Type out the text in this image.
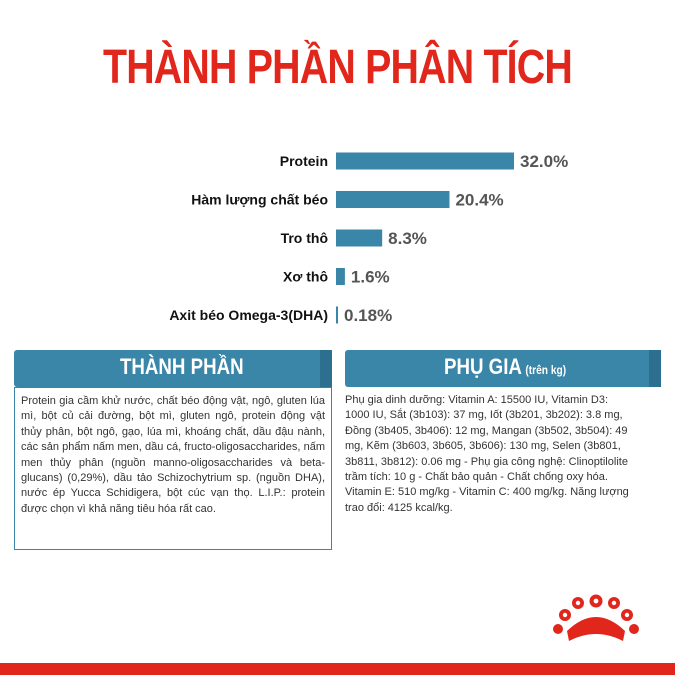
THÀNH PHẦN PHÂN TÍCH
Protein	32.0%
Hàm lượng chất béo	20.4%
Tro thô	8.3%
Xơ thô 1.6%
Axit béo Omega-3(DHA) 0.18%
THÀNH PHẦN
Protein gia cầm khử nước, chất béo động vật, ngô, gluten lúa mì, bột củ cải đường, bột mì, gluten ngô, protein động vật thủy phân, bột ngô, gạo, lúa mì, khoáng chất, dầu đậu nành, các sản phẩm nấm men, dầu cá, fructo-oligosaccharides, nấm men thủy phân (nguồn manno-oligosaccharides và beta-glucans) (0,29%), dầu tảo Schizochytrium sp. (nguồn DHA), nước ép Yucca Schidigera, bột cúc vạn thọ. L.I.P.: protein được chọn vì khả năng tiêu hóa rất cao.
PHỤ GIA (trên kg)
Phụ gia dinh dưỡng: Vitamin A: 15500 IU, Vitamin D3: 1000 IU, Sắt (3b103): 37 mg, Iốt (3b201, 3b202): 3.8 mg, Đồng (3b405, 3b406): 12 mg, Mangan (3b502, 3b504): 49 mg, Kẽm (3b603, 3b605, 3b606): 130 mg, Selen (3b801, 3b811, 3b812): 0.06 mg - Phụ gia công nghệ: Clinoptilolite trầm tích: 10 g - Chất bảo quản - Chất chống oxy hóa. Vitamin E: 510 mg/kg - Vitamin C: 400 mg/kg. Năng lượng trao đổi: 4125 kcal/kg.
